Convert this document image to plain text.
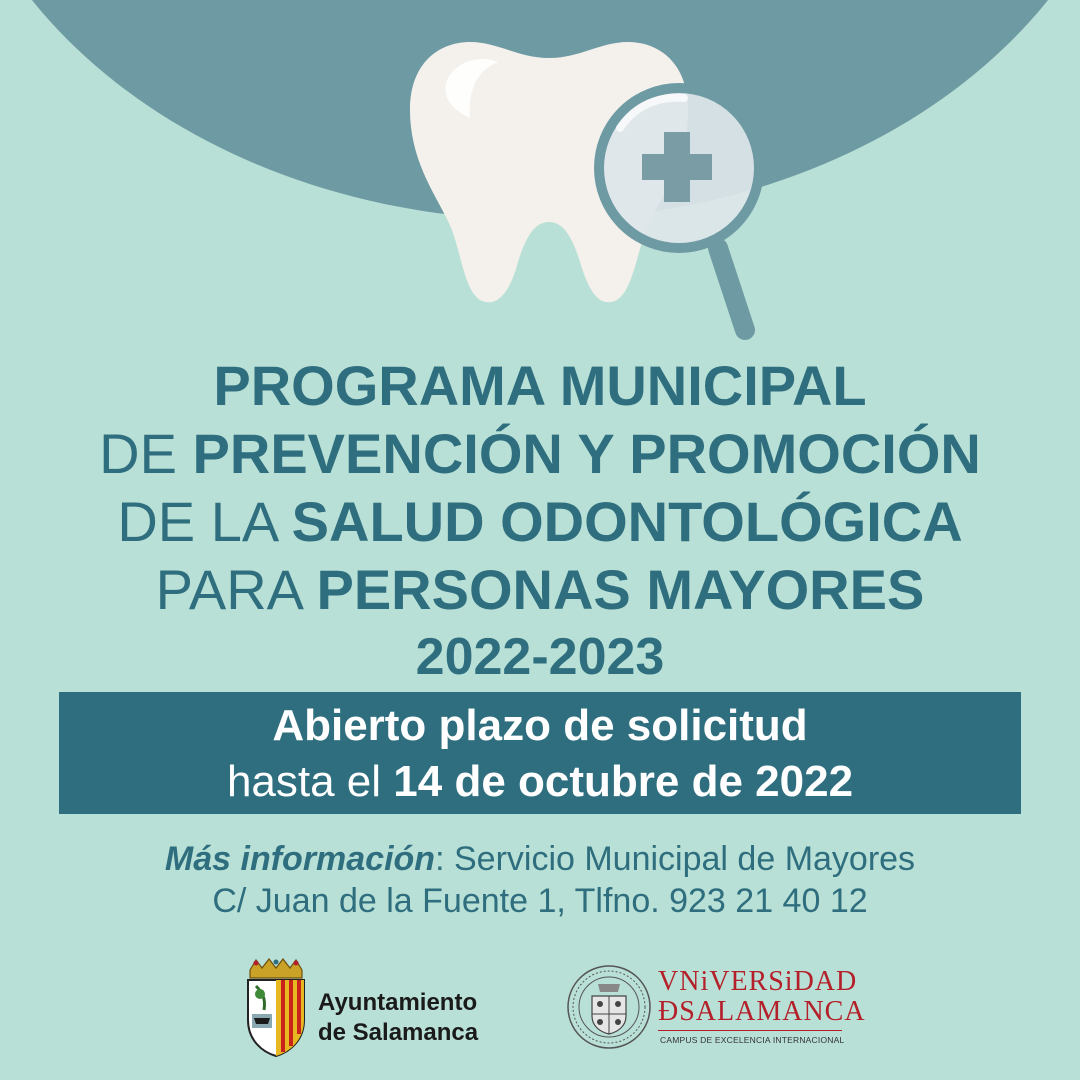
PROGRAMA MUNICIPAL
DE PREVENCIÓN Y PROMOCIÓN
DE LA SALUD ODONTOLÓGICA
PARA PERSONAS MAYORES
2022-2023
Abierto plazo de solicitud
hasta el 14 de octubre de 2022
Más información: Servicio Municipal de Mayores
C/ Juan de la Fuente 1, Tlfno. 923 21 40 12
Ayuntamiento
de Salamanca
VNiVERSiDAD
ÐSALAMANCA
CAMPUS DE EXCELENCIA INTERNACIONAL
